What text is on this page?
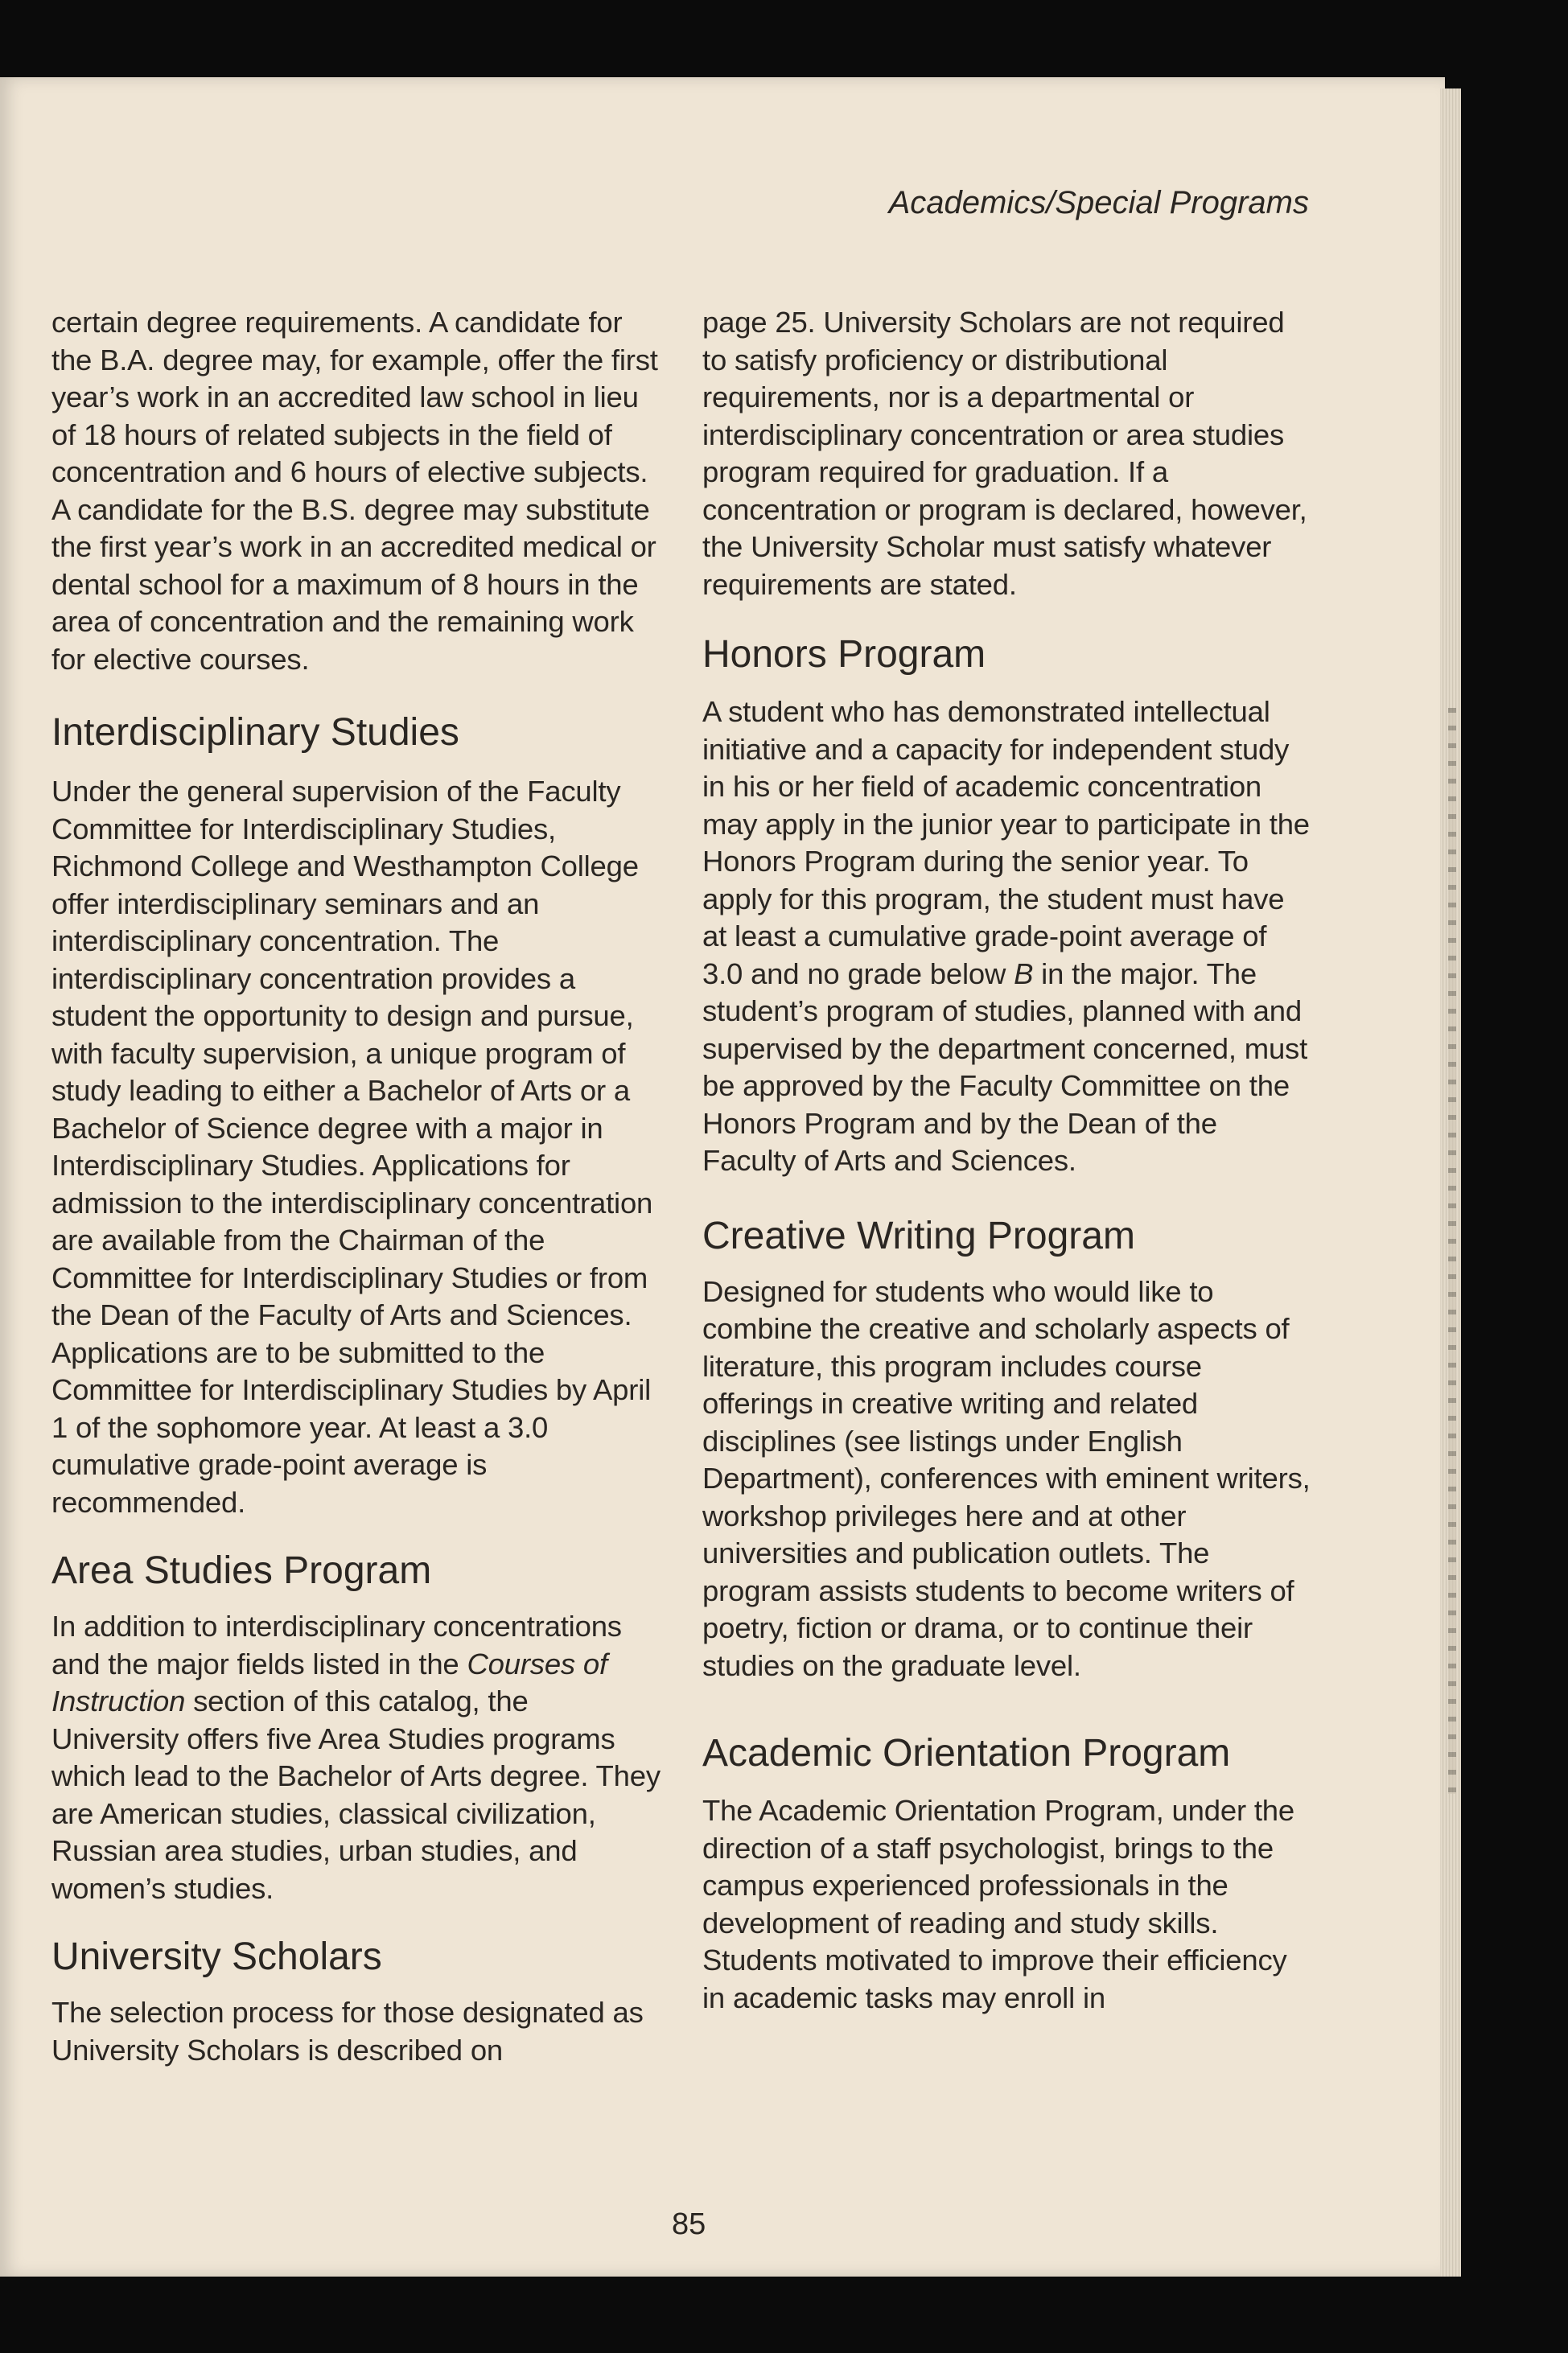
Academics/Special Programs

certain degree requirements. A candidate for the B.A. degree may, for example, offer the first year’s work in an accredited law school in lieu of 18 hours of related subjects in the field of concentration and 6 hours of elective subjects. A candidate for the B.S. degree may substitute the first year’s work in an accredited medical or dental school for a maximum of 8 hours in the area of concentration and the remaining work for elective courses.

Interdisciplinary Studies

Under the general supervision of the Faculty Committee for Interdisciplinary Studies, Richmond College and Westhampton College offer interdisciplinary seminars and an interdisciplinary concentration. The interdisciplinary concentration provides a student the opportunity to design and pursue, with faculty supervision, a unique program of study leading to either a Bachelor of Arts or a Bachelor of Science degree with a major in Interdisciplinary Studies. Applications for admission to the interdisciplinary concentration are available from the Chairman of the Committee for Interdisciplinary Studies or from the Dean of the Faculty of Arts and Sciences. Applications are to be submitted to the Committee for Interdisciplinary Studies by April 1 of the sophomore year. At least a 3.0 cumulative grade-point average is recommended.

Area Studies Program

In addition to interdisciplinary concentrations and the major fields listed in the Courses of Instruction section of this catalog, the University offers five Area Studies programs which lead to the Bachelor of Arts degree. They are American studies, classical civilization, Russian area studies, urban studies, and women’s studies.

University Scholars

The selection process for those designated as University Scholars is described on

page 25. University Scholars are not required to satisfy proficiency or distributional requirements, nor is a departmental or interdisciplinary concentration or area studies program required for graduation. If a concentration or program is declared, however, the University Scholar must satisfy whatever requirements are stated.

Honors Program

A student who has demonstrated intellectual initiative and a capacity for independent study in his or her field of academic concentration may apply in the junior year to participate in the Honors Program during the senior year. To apply for this program, the student must have at least a cumulative grade-point average of 3.0 and no grade below B in the major. The student’s program of studies, planned with and supervised by the department concerned, must be approved by the Faculty Committee on the Honors Program and by the Dean of the Faculty of Arts and Sciences.

Creative Writing Program

Designed for students who would like to combine the creative and scholarly aspects of literature, this program includes course offerings in creative writing and related disciplines (see listings under English Department), conferences with eminent writers, workshop privileges here and at other universities and publication outlets. The program assists students to become writers of poetry, fiction or drama, or to continue their studies on the graduate level.

Academic Orientation Program

The Academic Orientation Program, under the direction of a staff psychologist, brings to the campus experienced professionals in the development of reading and study skills. Students motivated to improve their efficiency in academic tasks may enroll in

85
